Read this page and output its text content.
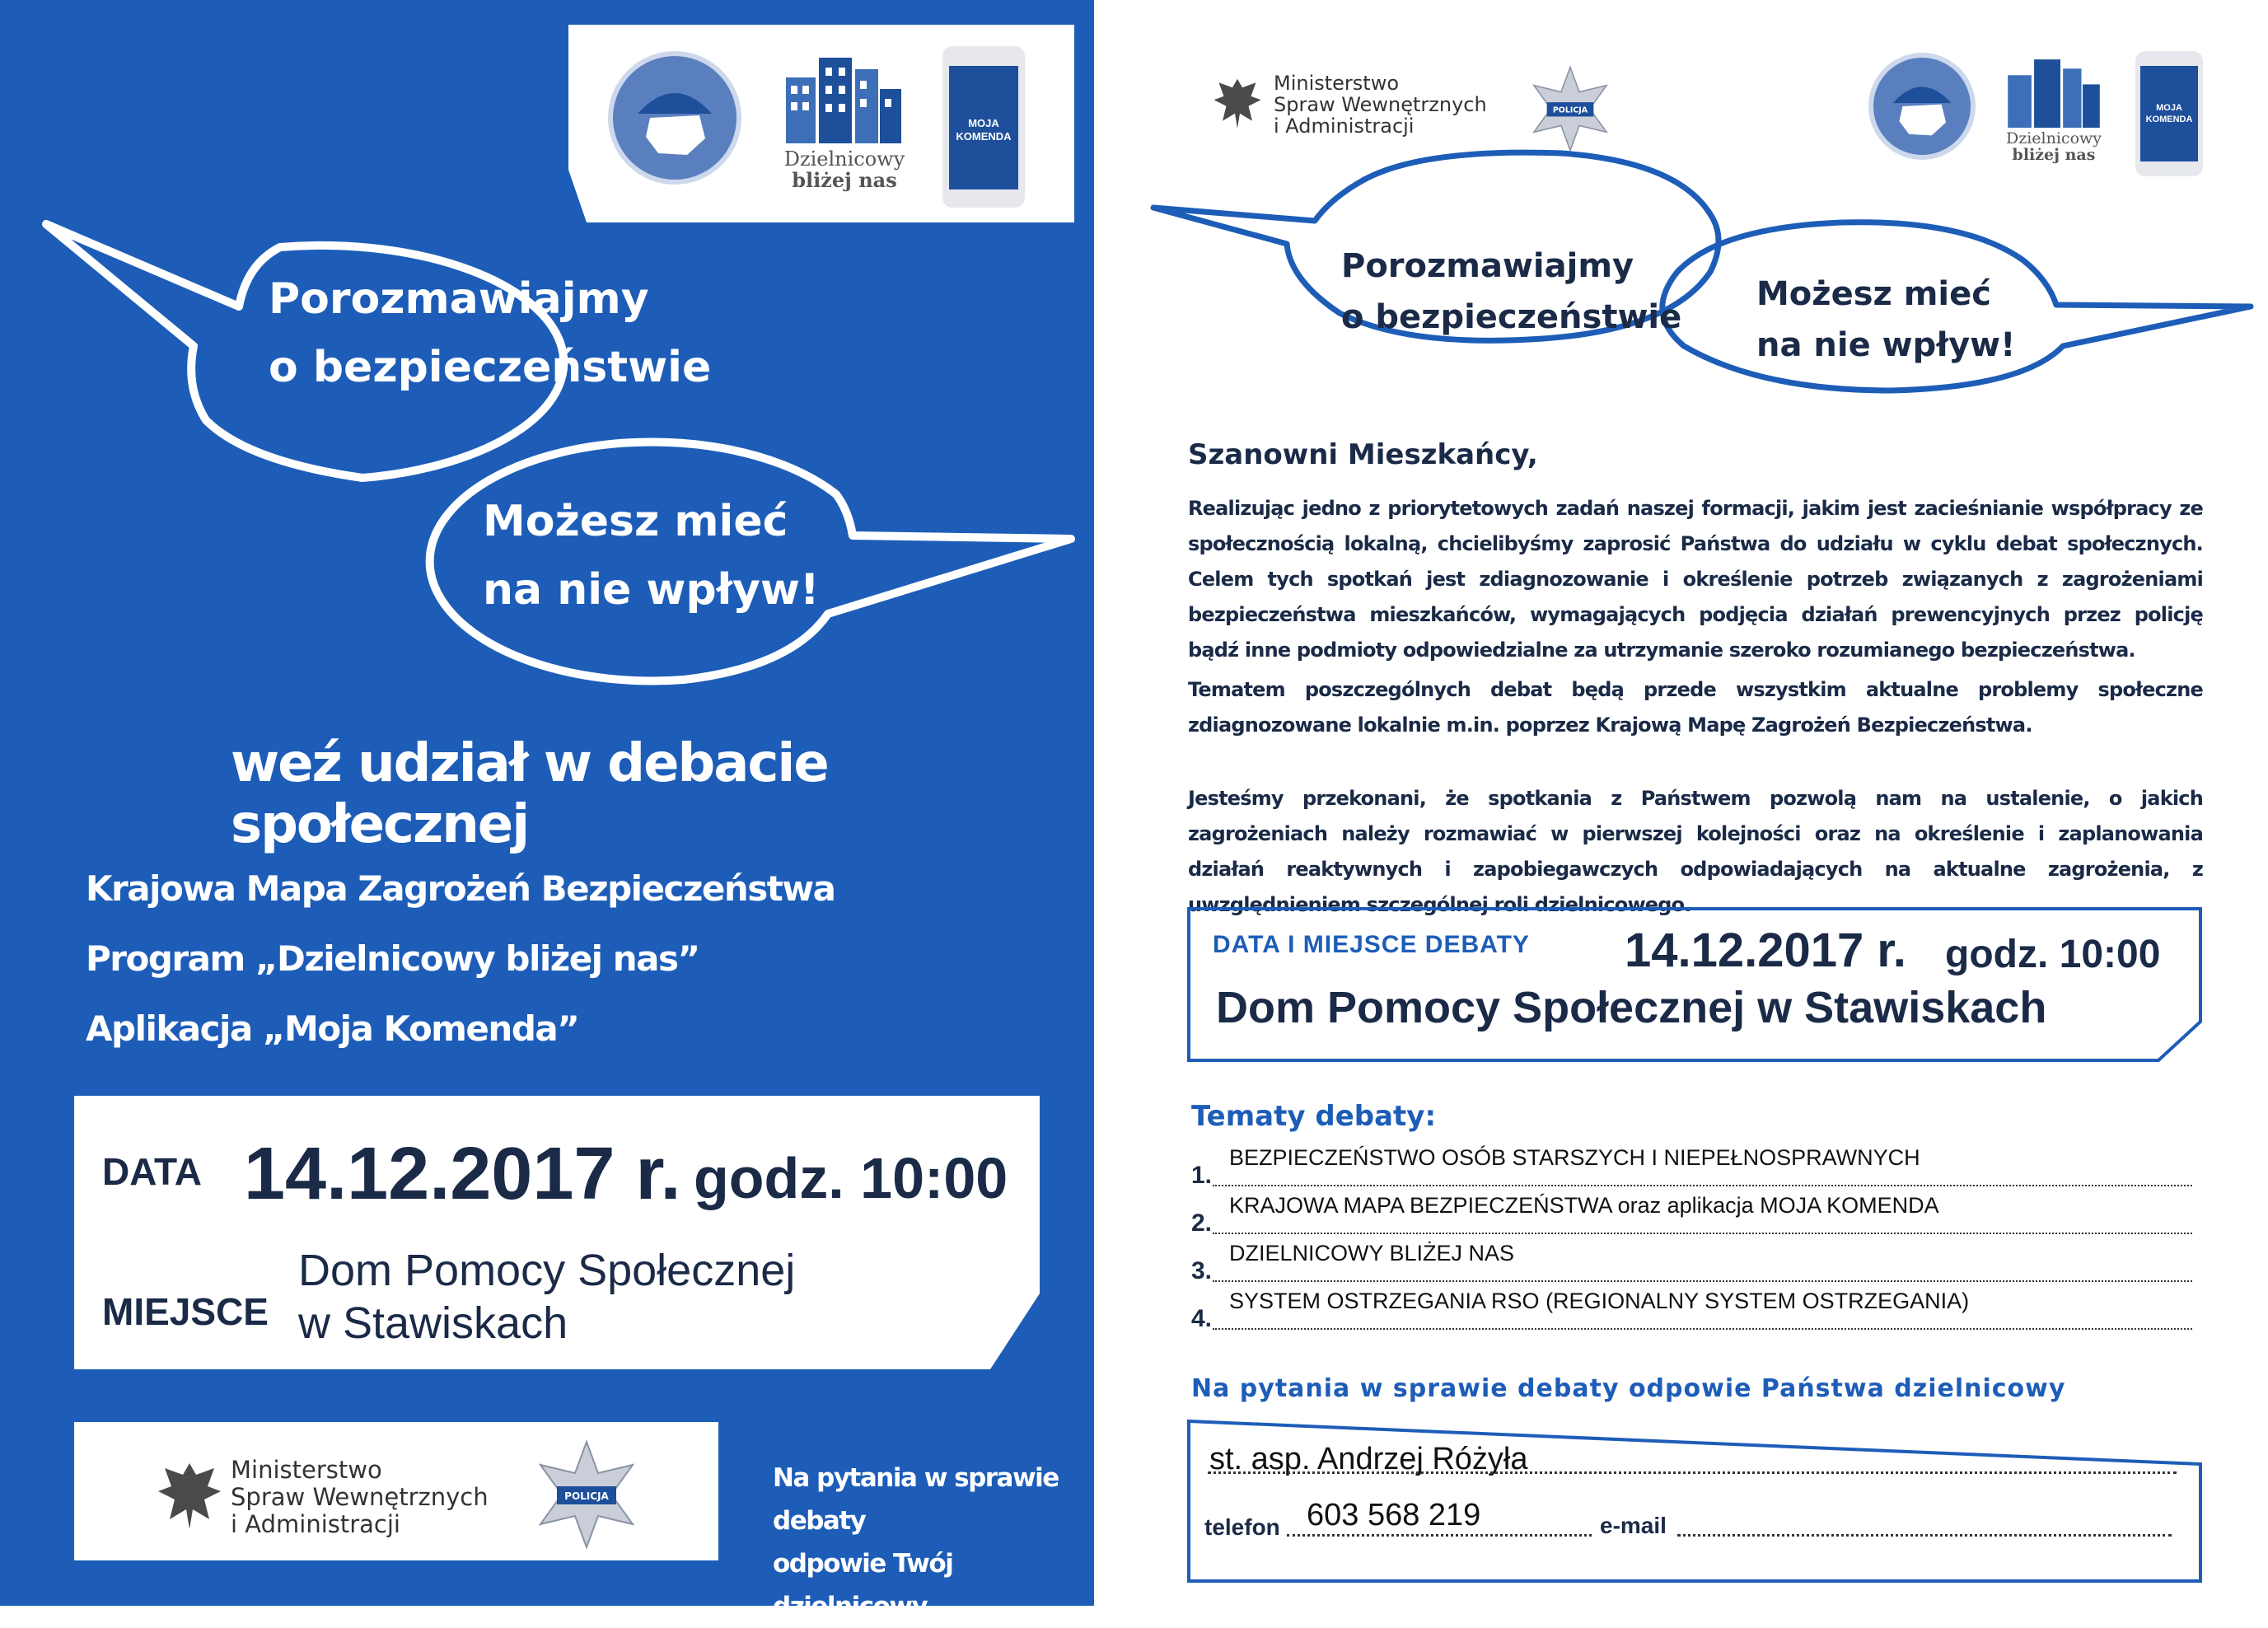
Dzielnicowy
bliżej nas
MOJA
KOMENDA
Porozmawiajmy
o bezpieczeństwie
Możesz mieć
na nie wpływ!
weź udział w debacie społecznej
Krajowa Mapa Zagrożeń Bezpieczeństwa
Program „Dzielnicowy bliżej nas”
Aplikacja „Moja Komenda”
DATA 14.12.2017 r. godz. 10:00
MIEJSCE
Dom Pomocy Społecznej
w Stawiskach
Ministerstwo
Spraw Wewnętrznych
i Administracji
POLICJA
Na pytania w sprawie debaty
odpowie Twój dzielnicowy
Ministerstwo
Spraw Wewnętrznych
i Administracji
POLICJA
Dzielnicowy
bliżej nas
MOJA
KOMENDA
Porozmawiajmy
o bezpieczeństwie
Możesz mieć
na nie wpływ!
Szanowni Mieszkańcy,
Realizując jedno z priorytetowych zadań naszej formacji, jakim jest zacieśnianie współpracy ze społecznością lokalną, chcielibyśmy zaprosić Państwa do udziału w cyklu debat społecznych. Celem tych spotkań jest zdiagnozowanie i określenie potrzeb związanych z zagrożeniami bezpieczeństwa mieszkańców, wymagających podjęcia działań prewencyjnych przez policję bądź inne podmioty odpowiedzialne za utrzymanie szeroko rozumianego bezpieczeństwa.
Tematem poszczególnych debat będą przede wszystkim aktualne problemy społeczne zdiagnozowane lokalnie m.in. poprzez Krajową Mapę Zagrożeń Bezpieczeństwa.
Jesteśmy przekonani, że spotkania z Państwem pozwolą nam na ustalenie, o jakich zagrożeniach należy rozmawiać w pierwszej kolejności oraz na określenie i zaplanowania działań reaktywnych i zapobiegawczych odpowiadających na aktualne zagrożenia, z uwzględnieniem szczególnej roli dzielnicowego.
DATA I MIEJSCE DEBATY 14.12.2017 r. godz. 10:00
Dom Pomocy Społecznej w Stawiskach
Tematy debaty:
1.
BEZPIECZEŃSTWO OSÓB STARSZYCH I NIEPEŁNOSPRAWNYCH
2.
KRAJOWA MAPA BEZPIECZEŃSTWA oraz aplikacja MOJA KOMENDA
3.
DZIELNICOWY BLIŻEJ NAS
4.
SYSTEM OSTRZEGANIA RSO (REGIONALNY SYSTEM OSTRZEGANIA)
Na pytania w sprawie debaty odpowie Państwa dzielnicowy
st. asp. Andrzej Różyła
telefon 603 568 219	e-mail
